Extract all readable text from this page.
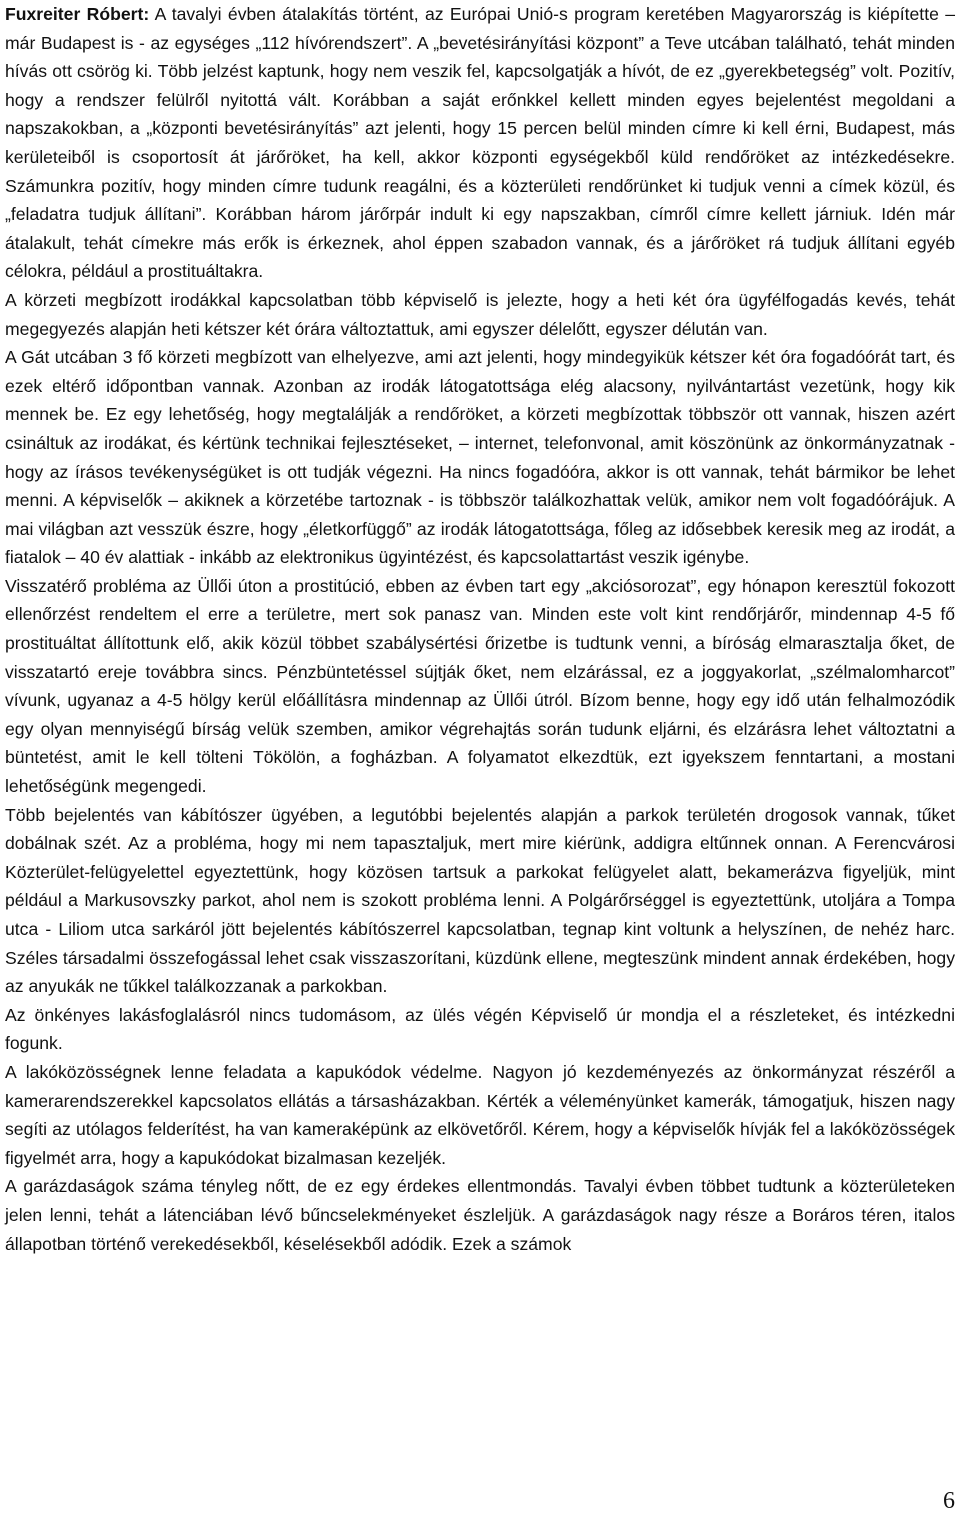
Fuxreiter Róbert: A tavalyi évben átalakítás történt, az Európai Unió-s program keretében Magyarország is kiépítette – már Budapest is - az egységes „112 hívórendszert”. A „bevetésirányítási központ” a Teve utcában található, tehát minden hívás ott csörög ki. Több jelzést kaptunk, hogy nem veszik fel, kapcsolgatják a hívót, de ez „gyerekbetegség” volt. Pozitív, hogy a rendszer felülről nyitottá vált. Korábban a saját erőnkkel kellett minden egyes bejelentést megoldani a napszakokban, a „központi bevetésirányítás” azt jelenti, hogy 15 percen belül minden címre ki kell érni, Budapest, más kerületeiből is csoportosít át járőröket, ha kell, akkor központi egységekből küld rendőröket az intézkedésekre. Számunkra pozitív, hogy minden címre tudunk reagálni, és a közterületi rendőrünket ki tudjuk venni a címek közül, és „feladatra tudjuk állítani”. Korábban három járőrpár indult ki egy napszakban, címről címre kellett járniuk. Idén már átalakult, tehát címekre más erők is érkeznek, ahol éppen szabadon vannak, és a járőröket rá tudjuk állítani egyéb célokra, például a prostituáltakra.

A körzeti megbízott irodákkal kapcsolatban több képviselő is jelezte, hogy a heti két óra ügyfélfogadás kevés, tehát megegyezés alapján heti kétszer két órára változtattuk, ami egyszer délelőtt, egyszer délután van.

A Gát utcában 3 fő körzeti megbízott van elhelyezve, ami azt jelenti, hogy mindegyikük kétszer két óra fogadóórát tart, és ezek eltérő időpontban vannak. Azonban az irodák látogatottsága elég alacsony, nyilvántartást vezetünk, hogy kik mennek be. Ez egy lehetőség, hogy megtalálják a rendőröket, a körzeti megbízottak többször ott vannak, hiszen azért csináltuk az irodákat, és kértünk technikai fejlesztéseket, – internet, telefonvonal, amit köszönünk az önkormányzatnak - hogy az írásos tevékenységüket is ott tudják végezni. Ha nincs fogadóóra, akkor is ott vannak, tehát bármikor be lehet menni. A képviselők – akiknek a körzetébe tartoznak - is többször találkozhattak velük, amikor nem volt fogadóórájuk. A mai világban azt vesszük észre, hogy „életkorfüggő” az irodák látogatottsága, főleg az idősebbek keresik meg az irodát, a fiatalok – 40 év alattiak - inkább az elektronikus ügyintézést, és kapcsolattartást veszik igénybe.

Visszatérő probléma az Üllői úton a prostitúció, ebben az évben tart egy „akciósorozat”, egy hónapon keresztül fokozott ellenőrzést rendeltem el erre a területre, mert sok panasz van. Minden este volt kint rendőrjárőr, mindennap 4-5 fő prostituáltat állítottunk elő, akik közül többet szabálysértési őrizetbe is tudtunk venni, a bíróság elmarasztalja őket, de visszatartó ereje továbbra sincs. Pénzbüntetéssel sújtják őket, nem elzárással, ez a joggyakorlat, „szélmalomharcot” vívunk, ugyanaz a 4-5 hölgy kerül előállításra mindennap az Üllői útról. Bízom benne, hogy egy idő után felhalmozódik egy olyan mennyiségű bírság velük szemben, amikor végrehajtás során tudunk eljárni, és elzárásra lehet változtatni a büntetést, amit le kell tölteni Tökölön, a fogházban. A folyamatot elkezdtük, ezt igyekszem fenntartani, a mostani lehetőségünk megengedi.

Több bejelentés van kábítószer ügyében, a legutóbbi bejelentés alapján a parkok területén drogosok vannak, tűket dobálnak szét. Az a probléma, hogy mi nem tapasztaljuk, mert mire kiérünk, addigra eltűnnek onnan. A Ferencvárosi Közterület-felügyelettel egyeztettünk, hogy közösen tartsuk a parkokat felügyelet alatt, bekamerázva figyeljük, mint például a Markusovszky parkot, ahol nem is szokott probléma lenni. A Polgárőrséggel is egyeztettünk, utoljára a Tompa utca - Liliom utca sarkáról jött bejelentés kábítószerrel kapcsolatban, tegnap kint voltunk a helyszínen, de nehéz harc. Széles társadalmi összefogással lehet csak visszaszorítani, küzdünk ellene, megteszünk mindent annak érdekében, hogy az anyukák ne tűkkel találkozzanak a parkokban.

Az önkényes lakásfoglalásról nincs tudomásom, az ülés végén Képviselő úr mondja el a részleteket, és intézkedni fogunk.

A lakóközösségnek lenne feladata a kapukódok védelme. Nagyon jó kezdeményezés az önkormányzat részéről a kamerarendszerekkel kapcsolatos ellátás a társasházakban. Kérték a véleményünket kamerák, támogatjuk, hiszen nagy segíti az utólagos felderítést, ha van kameraképünk az elkövetőről. Kérem, hogy a képviselők hívják fel a lakóközösségek figyelmét arra, hogy a kapukódokat bizalmasan kezeljék.

A garázdaságok száma tényleg nőtt, de ez egy érdekes ellentmondás. Tavalyi évben többet tudtunk a közterületeken jelen lenni, tehát a látenciában lévő bűncselekményeket észleljük. A garázdaságok nagy része a Boráros téren, italos állapotban történő verekedésekből, késelésekből adódik. Ezek a számok

6
